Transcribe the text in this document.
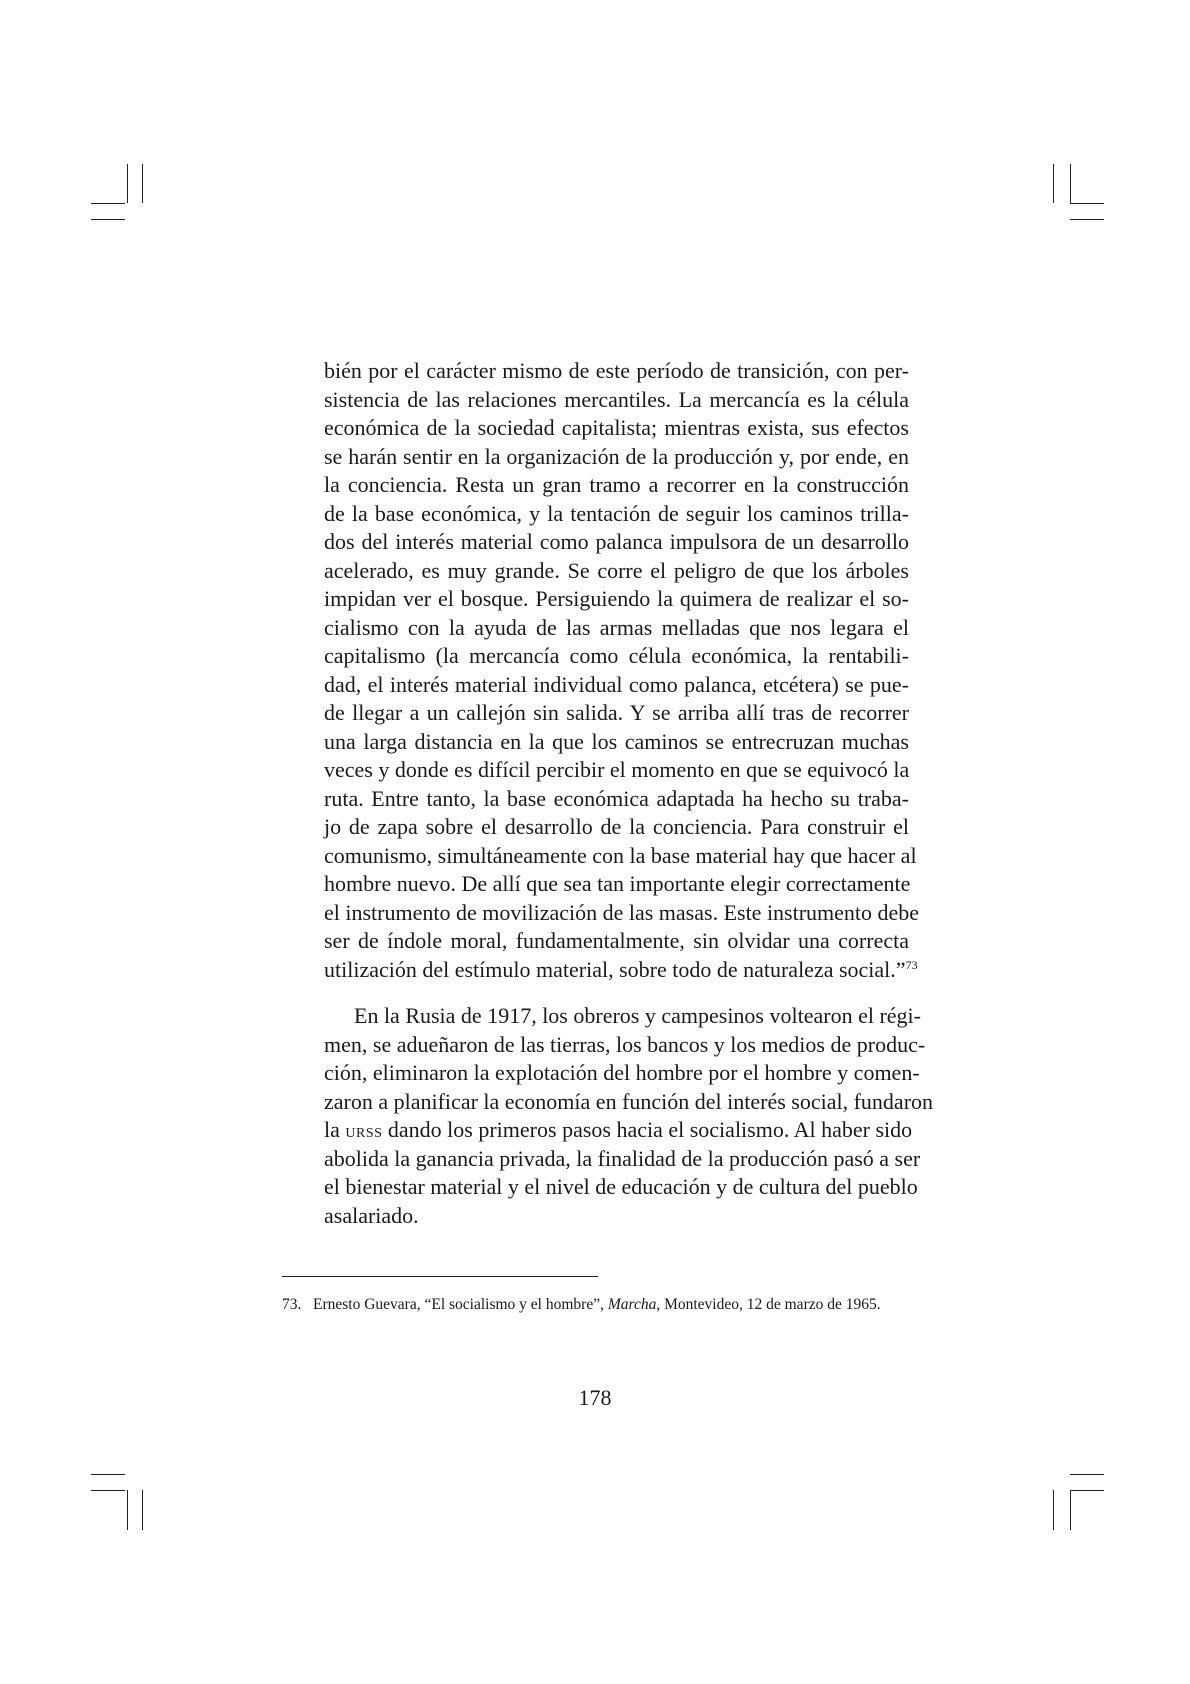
bién por el carácter mismo de este período de transición, con per-
sistencia de las relaciones mercantiles. La mercancía es la célula
económica de la sociedad capitalista; mientras exista, sus efectos
se harán sentir en la organización de la producción y, por ende, en
la conciencia. Resta un gran tramo a recorrer en la construcción
de la base económica, y la tentación de seguir los caminos trilla-
dos del interés material como palanca impulsora de un desarrollo
acelerado, es muy grande. Se corre el peligro de que los árboles
impidan ver el bosque. Persiguiendo la quimera de realizar el so-
cialismo con la ayuda de las armas melladas que nos legara el
capitalismo (la mercancía como célula económica, la rentabili-
dad, el interés material individual como palanca, etcétera) se pue-
de llegar a un callejón sin salida. Y se arriba allí tras de recorrer
una larga distancia en la que los caminos se entrecruzan muchas
veces y donde es difícil percibir el momento en que se equivocó la
ruta. Entre tanto, la base económica adaptada ha hecho su traba-
jo de zapa sobre el desarrollo de la conciencia. Para construir el
comunismo, simultáneamente con la base material hay que hacer al
hombre nuevo. De allí que sea tan importante elegir correctamente
el instrumento de movilización de las masas. Este instrumento debe
ser de índole moral, fundamentalmente, sin olvidar una correcta
utilización del estímulo material, sobre todo de naturaleza social.”$^{73}$
En la Rusia de 1917, los obreros y campesinos voltearon el régi-
men, se adueñaron de las tierras, los bancos y los medios de produc-
ción, eliminaron la explotación del hombre por el hombre y comen-
zaron a planificar la economía en función del interés social, fundaron
la URSS dando los primeros pasos hacia el socialismo. Al haber sido
abolida la ganancia privada, la finalidad de la producción pasó a ser
el bienestar material y el nivel de educación y de cultura del pueblo
asalariado.
73. Ernesto Guevara, “El socialismo y el hombre”, Marcha, Montevideo, 12 de marzo de 1965.
178
